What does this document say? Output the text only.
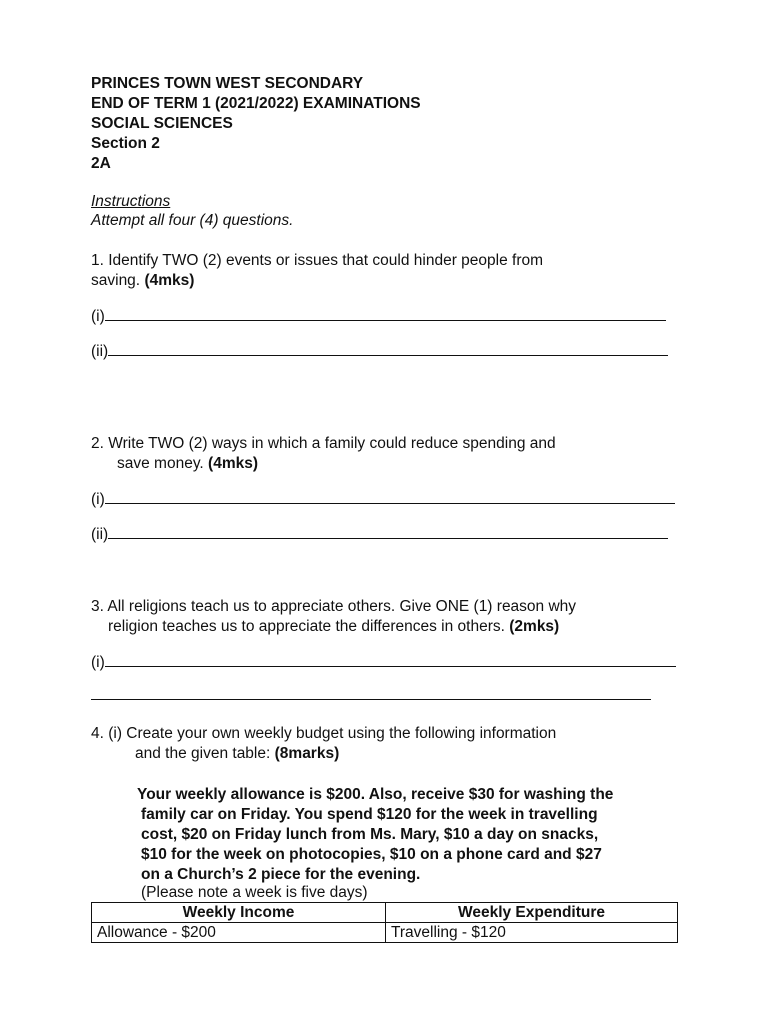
PRINCES TOWN WEST SECONDARY
END OF TERM 1 (2021/2022) EXAMINATIONS
SOCIAL SCIENCES
Section 2
2A
Instructions
Attempt all four (4) questions.
1. Identify TWO (2) events or issues that could hinder people from
saving. (4mks)
(i)
(ii)
2. Write TWO (2) ways in which a family could reduce spending and
save money. (4mks)
(i)
(ii)
3. All religions teach us to appreciate others. Give ONE (1) reason why
religion teaches us to appreciate the differences in others. (2mks)
(i)
4. (i) Create your own weekly budget using the following information
and the given table: (8marks)
Your weekly allowance is $200. Also, receive $30 for washing the
family car on Friday. You spend $120 for the week in travelling
cost, $20 on Friday lunch from Ms. Mary, $10 a day on snacks,
$10 for the week on photocopies, $10 on a phone card and $27
on a Church’s 2 piece for the evening.
(Please note a week is five days)
Weekly Income	Weekly Expenditure
Allowance - $200	Travelling - $120
